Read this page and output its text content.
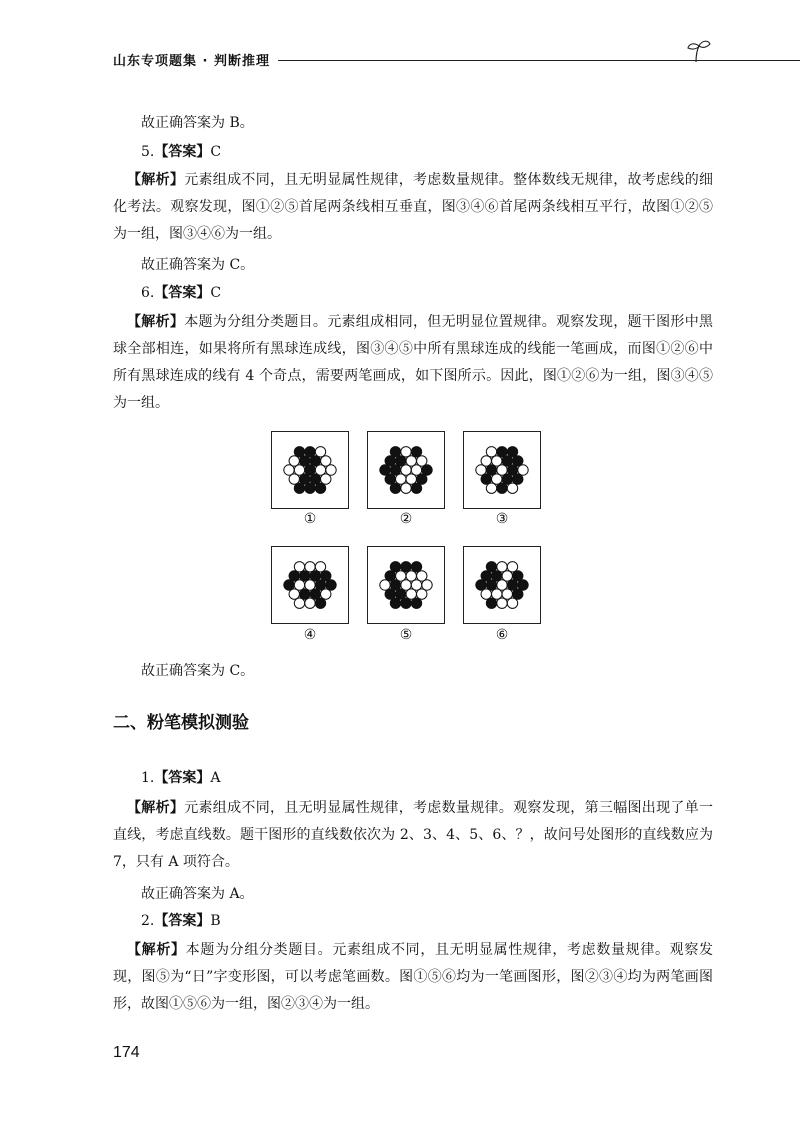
山东专项题集 · 判断推理
故正确答案为 B。
5.【答案】C
【解析】元素组成不同，且无明显属性规律，考虑数量规律。整体数线无规律，故考虑线的细化考法。观察发现，图①②⑤首尾两条线相互垂直，图③④⑥首尾两条线相互平行，故图①②⑤为一组，图③④⑥为一组。
故正确答案为 C。
6.【答案】C
【解析】本题为分组分类题目。元素组成相同，但无明显位置规律。观察发现，题干图形中黑球全部相连，如果将所有黑球连成线，图③④⑤中所有黑球连成的线能一笔画成，而图①②⑥中所有黑球连成的线有 4 个奇点，需要两笔画成，如下图所示。因此，图①②⑥为一组，图③④⑤为一组。
①	②	③
④	⑤	⑥
故正确答案为 C。
二、粉笔模拟测验
1.【答案】A
【解析】元素组成不同，且无明显属性规律，考虑数量规律。观察发现，第三幅图出现了单一直线，考虑直线数。题干图形的直线数依次为 2、3、4、5、6、？，故问号处图形的直线数应为 7，只有 A 项符合。
故正确答案为 A。
2.【答案】B
【解析】本题为分组分类题目。元素组成不同，且无明显属性规律，考虑数量规律。观察发现，图⑤为“日”字变形图，可以考虑笔画数。图①⑤⑥均为一笔画图形，图②③④均为两笔画图形，故图①⑤⑥为一组，图②③④为一组。
174
